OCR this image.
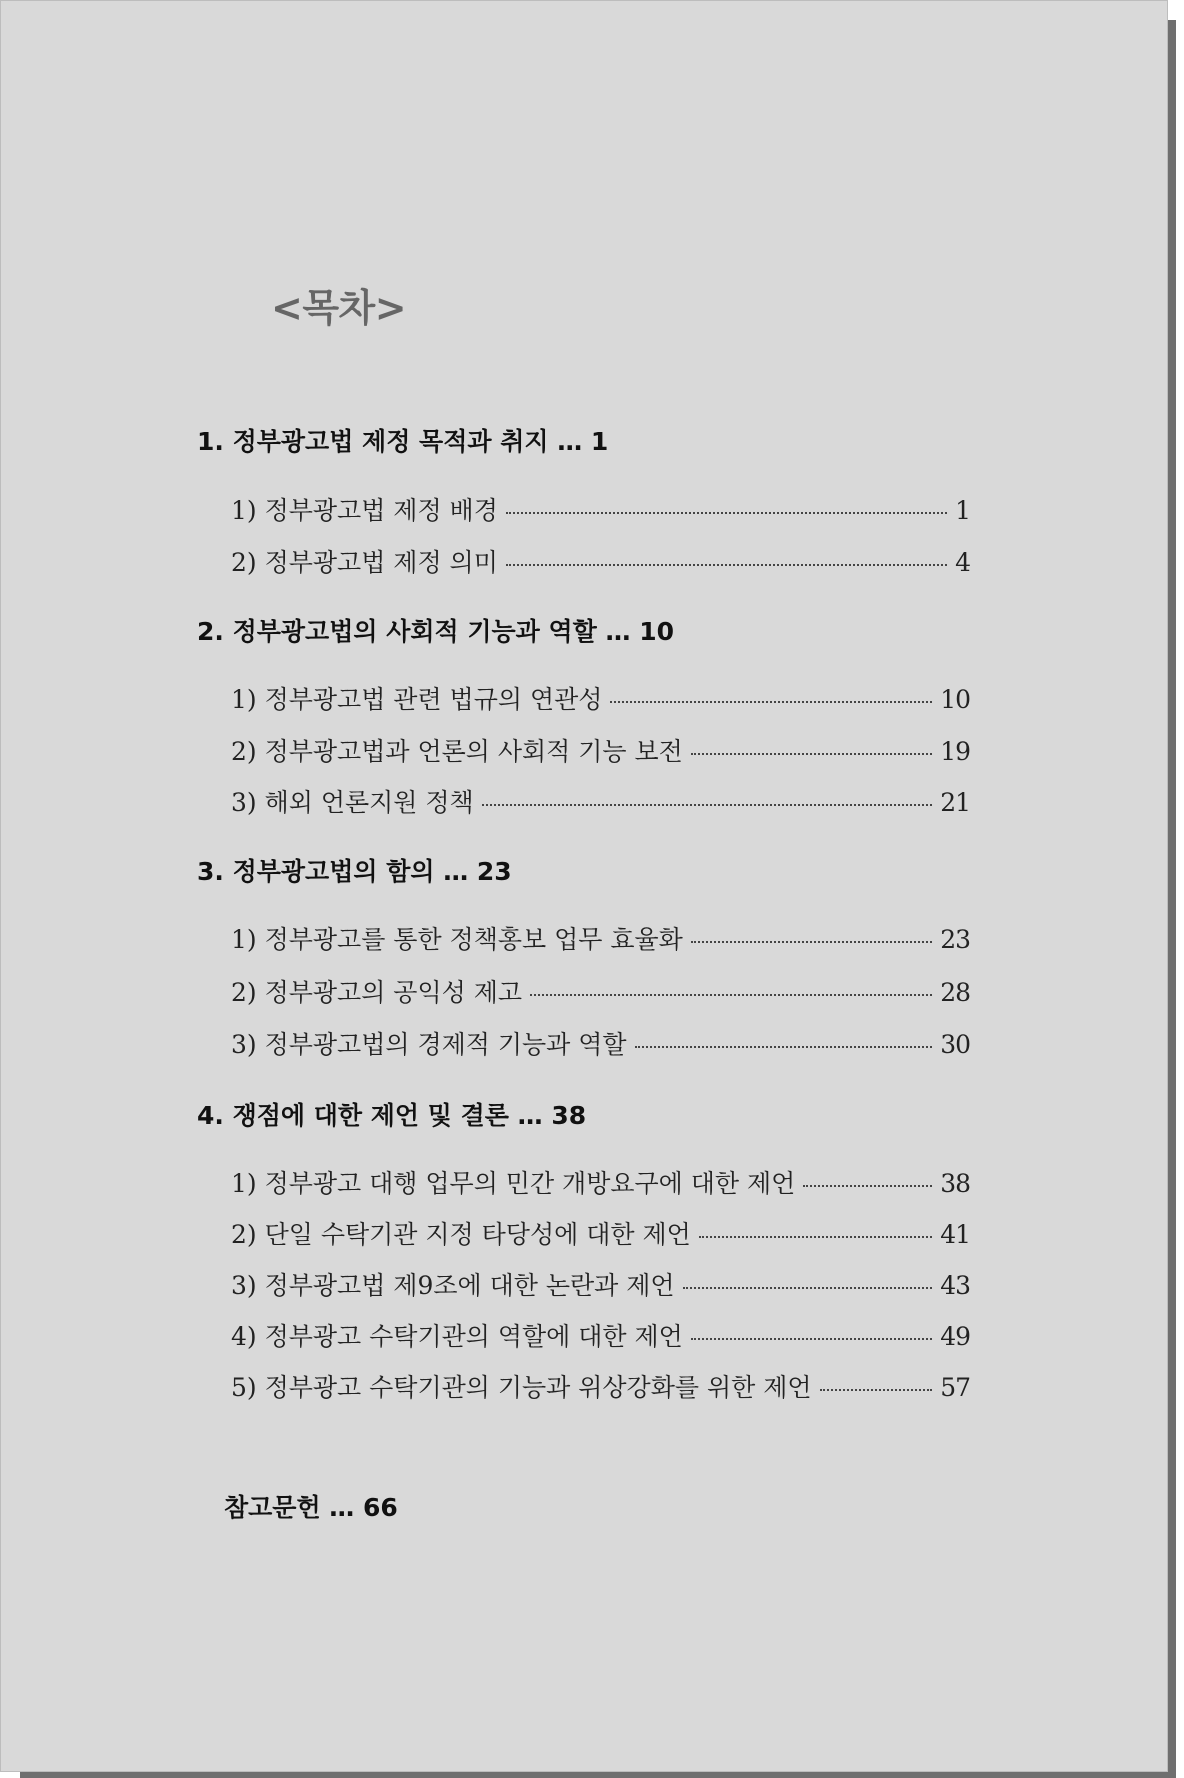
<목차>
1. 정부광고법 제정 목적과 취지 … 1
1) 정부광고법 제정 배경	1
2) 정부광고법 제정 의미	4
2. 정부광고법의 사회적 기능과 역할 … 10
1) 정부광고법 관련 법규의 연관성	10
2) 정부광고법과 언론의 사회적 기능 보전	19
3) 해외 언론지원 정책	21
3. 정부광고법의 함의 … 23
1) 정부광고를 통한 정책홍보 업무 효율화	23
2) 정부광고의 공익성 제고	28
3) 정부광고법의 경제적 기능과 역할	30
4. 쟁점에 대한 제언 및 결론 … 38
1) 정부광고 대행 업무의 민간 개방요구에 대한 제언	38
2) 단일 수탁기관 지정 타당성에 대한 제언	41
3) 정부광고법 제9조에 대한 논란과 제언	43
4) 정부광고 수탁기관의 역할에 대한 제언	49
5) 정부광고 수탁기관의 기능과 위상강화를 위한 제언	57
참고문헌 … 66
